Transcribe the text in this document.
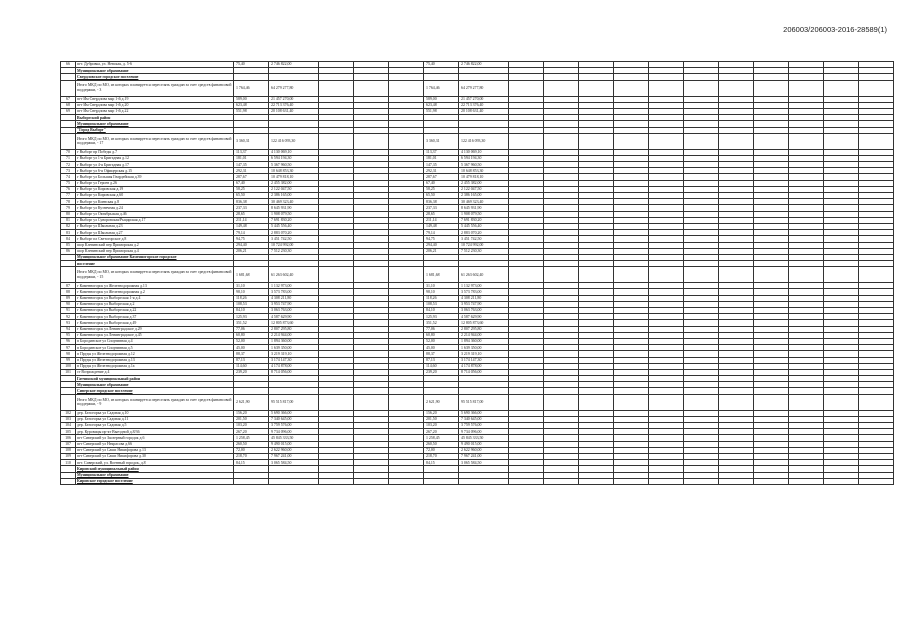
206003/206003-2016-28589(1)
66	пгт. Дубровка, ул. Невская, д. 5-6	75,40	2 746 822,00				75,40	2 746 822,00											
	Муниципальное образование																		
	Свердловское городское поселение																		
	Итого МКД по МО, из которых планируется переселять граждан за счет средств финансовой поддержки, - 3	1 764,46	64 279 277,80				1 764,46	64 279 277,80											
67	пгт Им Свердлова мкр 1-й д.19	589,00	21 457 270,00				589,00	21 457 270,00											
68	пгт Им Свердлова мкр 1-й д.20	623,48	22 713 376,40				623,48	22 713 376,40											
69	пгт Им Свердлова мкр 1-й д.22	551,98	20 108 631,40				551,98	20 108 631,40											
	Выборгский район																		
	Муниципальное образование																		
	"Город Выборг"																		
	Итого МКД по МО, из которых планируется переселять граждан за счет средств финансовой поддержки, - 17	3 360,31	122 416 093,30				3 360,31	122 416 093,30											
70	г Выборг пр Победы д.7	113,37	4 130 069,10				113,37	4 130 069,10											
71	г Выборг ул 1-я Бригадная д.12	181,01	6 594 194,30				181,01	6 594 194,30											
72	г Выборг ул 4-я Бригадная д.17	147,35	5 367 960,50				147,35	5 367 960,50											
73	г Выборг ул 6-я Офицерская д.15	292,31	10 648 853,30				292,31	10 648 853,30											
74	г Выборг ул Большая Гвардейская д.39	287,67	10 479 818,10				287,67	10 479 818,10											
75	г Выборг ул Героев д.26	67,40	2 455 382,00				67,40	2 455 382,00											
76	г Выборг ул Кировская д.19	58,25	2 122 047,50				58,25	2 122 047,50											
77	г Выборг ул Кировская д.60	65,50	2 386 165,00				65,50	2 386 165,00											
78	г Выборг ул Киевская д.8	836,38	30 469 323,40				836,38	30 469 323,40											
79	г Выборг ул Кузнечная д.24	237,33	8 645 931,90				237,33	8 645 931,90											
80	г Выборг ул Октябрьская д.46	28,65	1 908 079,50				28,65	1 908 079,50											
81	г Выборг ул Суворовская/Рыцарская д.17	211,14	7 691 830,20				211,14	7 691 830,20											
82	г Выборг ул Школьная д.23	149,48	5 445 556,40				149,48	5 445 556,40											
83	г Выборг ул Школьная д.27	79,14	2 883 070,20				79,14	2 883 070,20											
84	г Выборг пл Светогорское д.8	94,75	3 451 742,50				94,75	3 451 742,50											
85	шор Клевинский пер Приморская д.2	294,40	10 724 992,00				294,40	10 724 992,00											
86	шор Клевинский пер Приморская д.4	206,21	7 512 230,30				206,21	7 512 230,30											
	Муниципальное образование Каменногорское городское																		
	поселение																		
	Итого МКД по МО, из которых планируется переселять граждан за счет средств финансовой поддержки, - 15	1 681,68	61 263 602,40				1 681,68	61 263 602,40											
87	г Каменногорск ул Железнодорожная д.13	31,10	1 132 973,00				31,10	1 132 973,00											
88	г Каменногорск ул Железнодорожная д.2	98,10	3 573 783,00				98,10	3 573 783,00											
89	г Каменногорск ул Выборгская 1-я д.4	118,26	4 308 211,80				118,26	4 308 211,80											
90	г Каменногорск ул Выборгская д.2	108,53	3 953 747,90				108,53	3 953 747,90											
91	г Каменногорск ул Выборгская д.22	84,10	3 063 763,00				84,10	3 063 763,00											
92	г Каменногорск ул Выборгская д.37	125,93	4 587 629,90				125,93	4 587 629,90											
93	г Каменногорск ул Выборгская д.49	351,52	12 805 873,60				351,52	12 805 873,60											
94	г Каменногорск ул Ленинградское д.29	77,06	2 807 295,80				77,06	2 807 295,80											
95	г Каменногорск ул Ленинградское д.45	60,80	2 214 944,00				60,80	2 214 944,00											
96	п Бородинское ул Спортивная д.4	52,00	1 894 360,00				52,00	1 894 360,00											
97	п Бородинское ул Спортивная д.5	45,00	1 639 350,00				45,00	1 639 350,00											
98	п Пруды ул Железнодорожная д.12	88,37	3 219 319,10				88,37	3 219 319,10											
99	п Пруды ул Железнодорожная д.13	87,13	3 174 147,30				87,13	3 174 147,30											
100	п Пруды ул Железнодорожная д.1а	114,60	4 174 878,00				114,60	4 174 878,00											
101	ст Возрождение д.4	239,20	8 714 056,00				239,20	8 714 056,00											
	Гатчинский муниципальный район																		
	Муниципальное образование																		
	Сиверское городское поселение																		
	Итого МКД по МО, из которых планируется переселять граждан за счет средств финансовой поддержки, - 9	2 621,90	95 515 817,00				2 621,90	95 515 817,00											
102	дер. Белогорка ул Садовая д.10	156,20	5 690 366,00				156,20	5 690 366,00											
103	дер. Белогорка ул Садовая д.11	201,50	7 340 645,00				201,50	7 340 645,00											
104	дер. Белогорка ул Садовая д.5	103,20	3 759 576,00				103,20	3 759 576,00											
105	дер. Куровицы пр-кт Выездной д.8/36	267,20	9 734 096,00				267,20	9 734 096,00											
106	пгт Сиверский ул Заозерный городок д.6	1 258,45	45 845 333,50				1 258,45	45 845 333,50											
107	пгт Сиверский ул Некрасова д.66	260,50	9 490 015,00				260,50	9 490 015,00											
108	пгт Сиверский ул Саши Никифорова д.13	72,00	2 622 960,00				72,00	2 622 960,00											
109	пгт Сиверский ул Саши Никифорова д.30	218,70	7 967 241,00				218,70	7 967 241,00											
110	пгт. Сиверский, ул. Военный городок, д.8	84,15	3 065 584,50				84,15	3 065 584,50											
	Кировский муниципальный район																		
	Муниципальное образование																		
	Кировское городское поселение																		
